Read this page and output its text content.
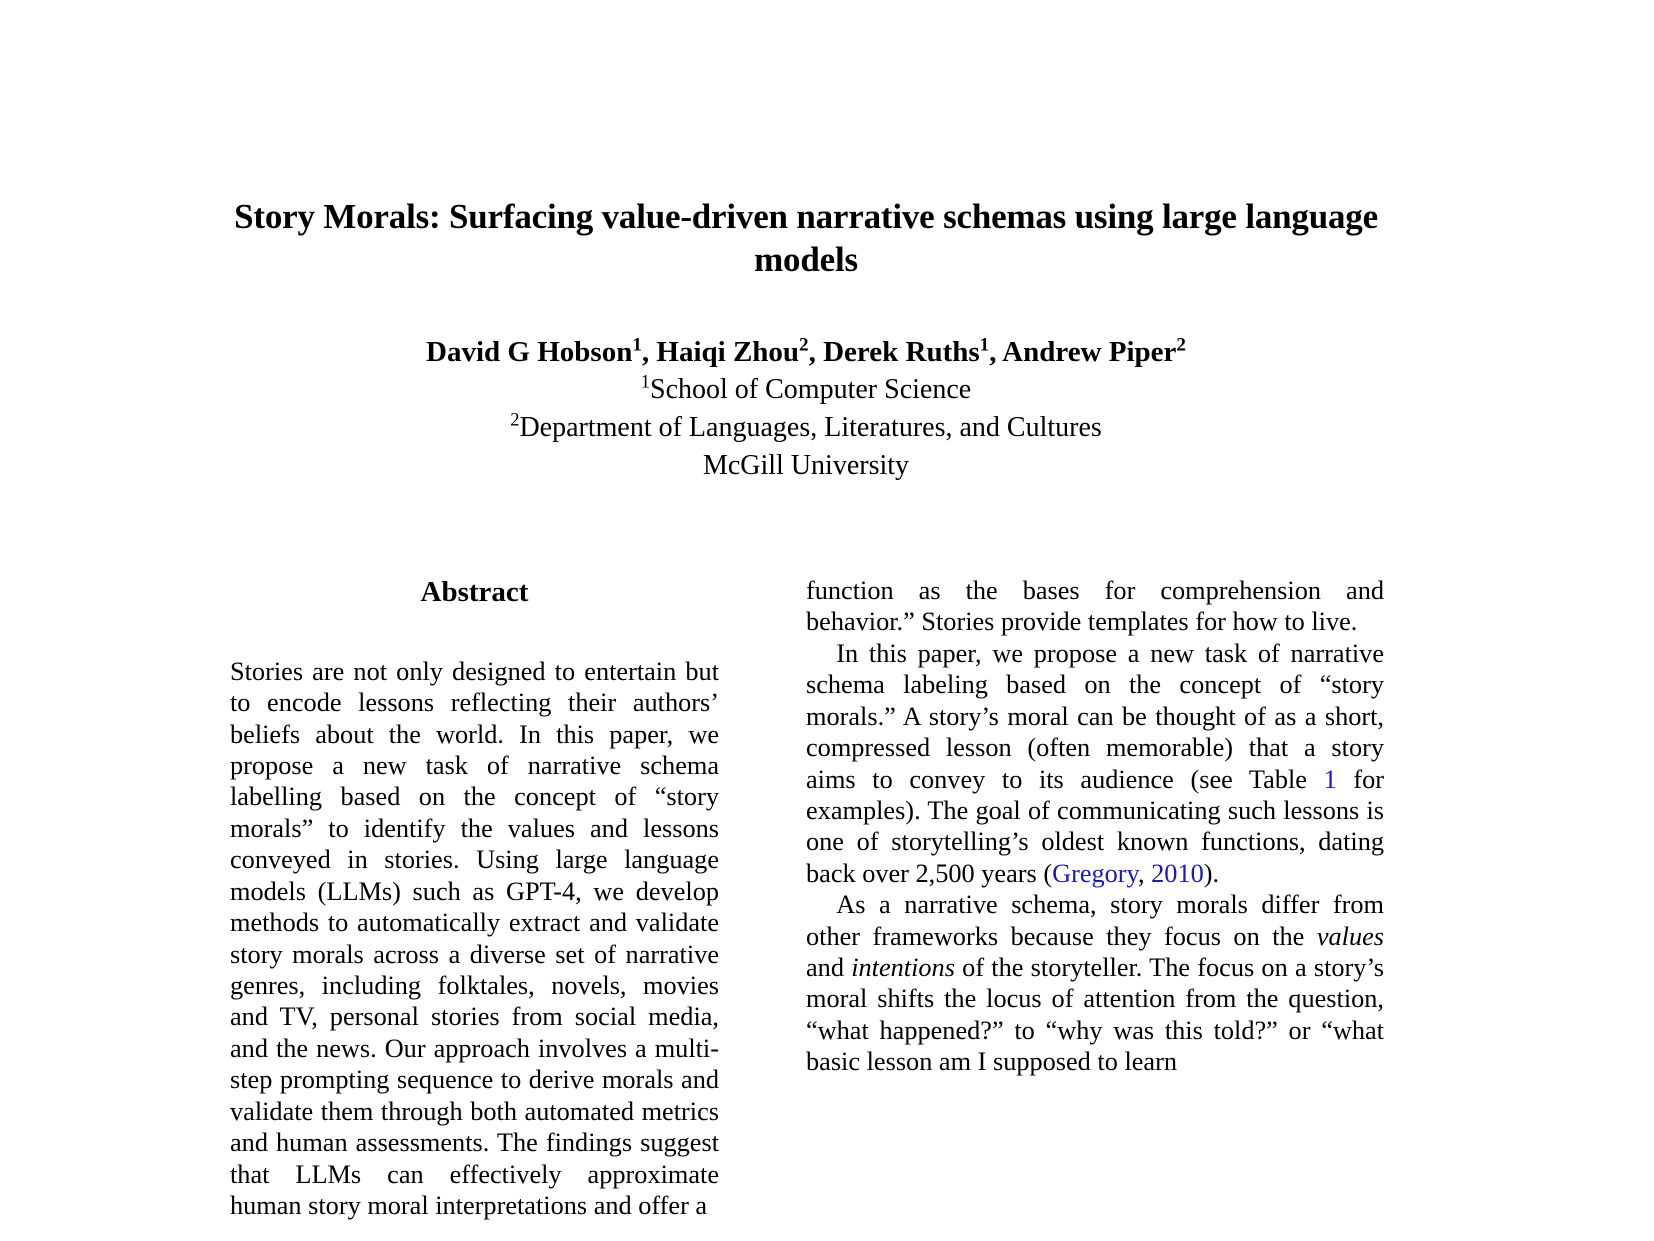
Story Morals: Surfacing value-driven narrative schemas using large language models
David G Hobson$^1$, Haiqi Zhou$^2$, Derek Ruths$^1$, Andrew Piper$^2$
$^1$School of Computer Science
$^2$Department of Languages, Literatures, and Cultures
McGill University
Abstract

Stories are not only designed to entertain but to encode lessons reflecting their authors’ beliefs about the world. In this paper, we propose a new task of narrative schema labelling based on the concept of “story morals” to identify the values and lessons conveyed in stories. Using large language models (LLMs) such as GPT-4, we develop methods to automatically extract and validate story morals across a diverse set of narrative genres, including folktales, novels, movies and TV, personal stories from social media, and the news. Our approach involves a multi-step prompting sequence to derive morals and validate them through both automated metrics and human assessments. The findings suggest that LLMs can effectively approximate human story moral interpretations and offer a

function as the bases for comprehension and behavior.” Stories provide templates for how to live.

In this paper, we propose a new task of narrative schema labeling based on the concept of “story morals.” A story’s moral can be thought of as a short, compressed lesson (often memorable) that a story aims to convey to its audience (see Table 1 for examples). The goal of communicating such lessons is one of storytelling’s oldest known functions, dating back over 2,500 years (Gregory, 2010).

As a narrative schema, story morals differ from other frameworks because they focus on the values and intentions of the storyteller. The focus on a story’s moral shifts the locus of attention from the question, “what happened?” to “why was this told?” or “what basic lesson am I supposed to learn
